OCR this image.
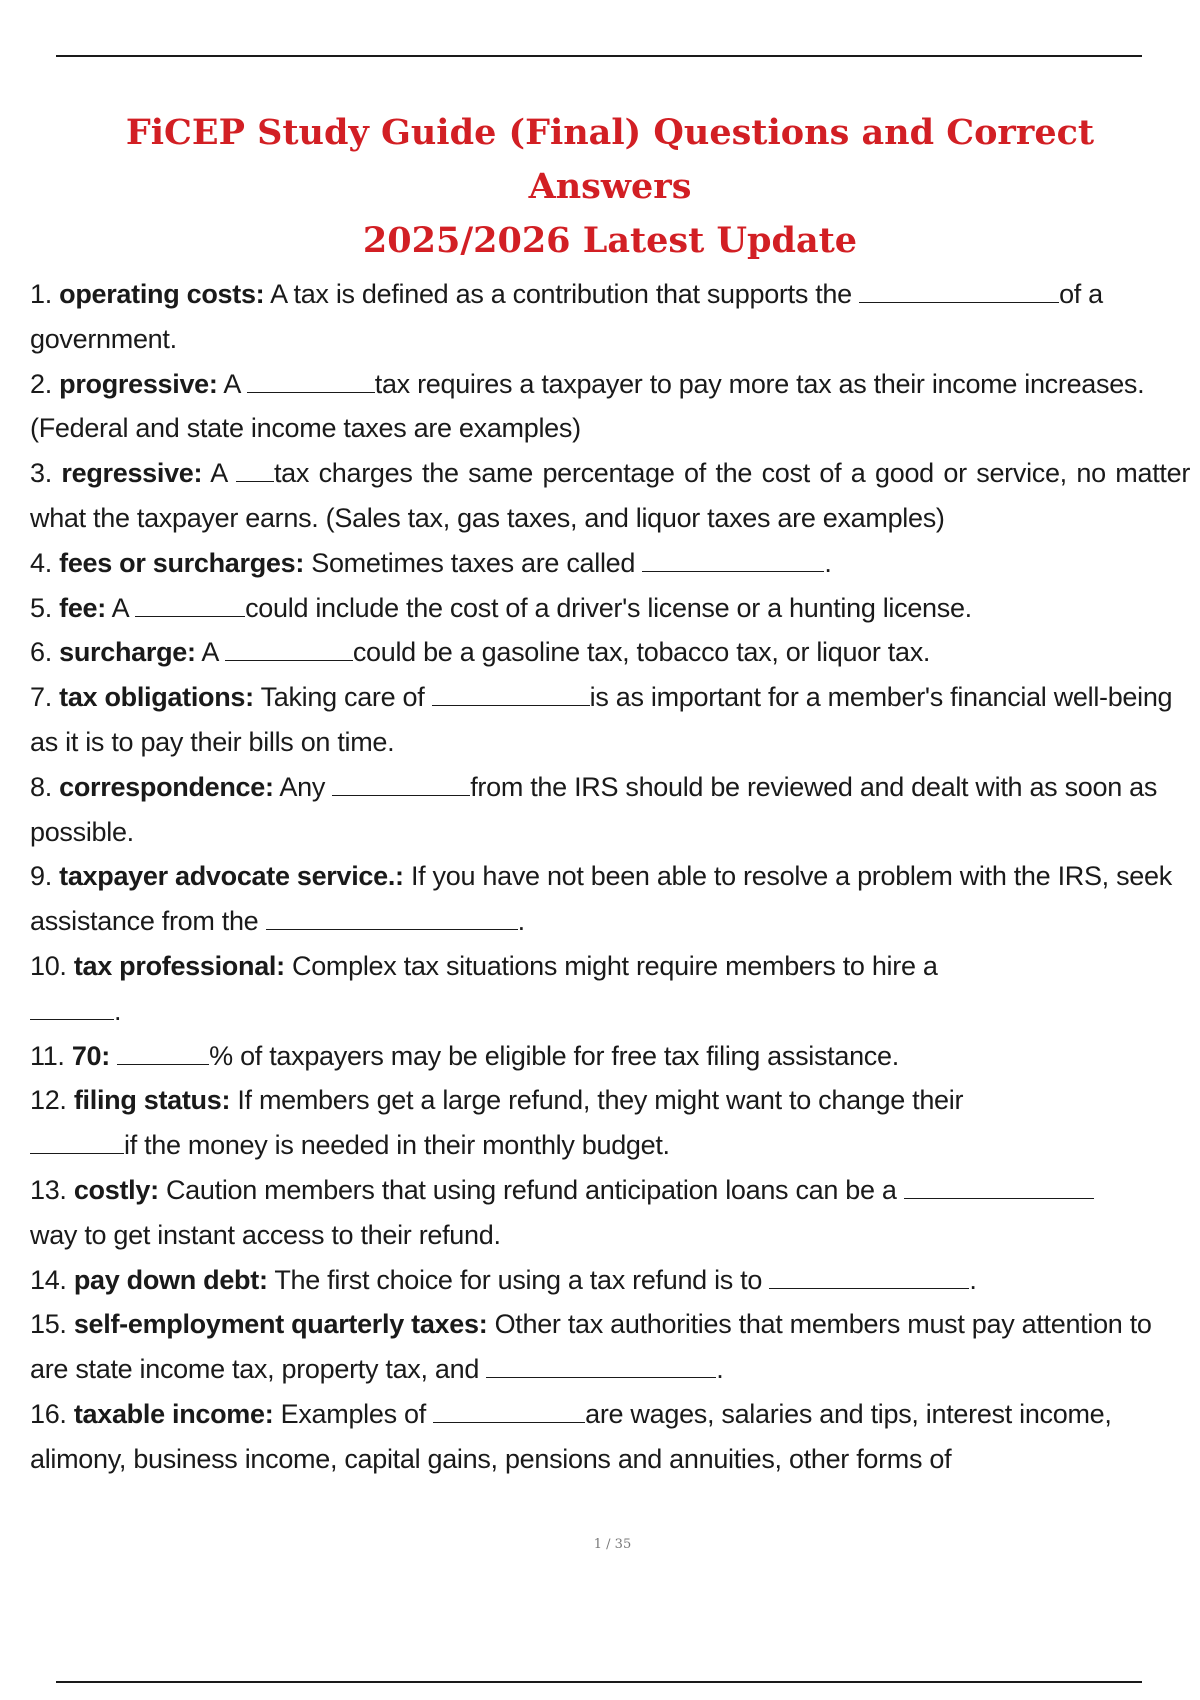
FiCEP Study Guide (Final) Questions and Correct Answers
2025/2026 Latest Update

1. operating costs: A tax is defined as a contribution that supports the	of a government.

2. progressive: A	tax requires a taxpayer to pay more tax as their income increases. (Federal and state income taxes are examples)

3. regressive: A tax charges the same percentage of the cost of a good or service, no matter what the taxpayer earns. (Sales tax, gas taxes, and liquor taxes are examples)

4. fees or surcharges: Sometimes taxes are called	.

5. fee: A	could include the cost of a driver's license or a hunting license.

6. surcharge: A	could be a gasoline tax, tobacco tax, or liquor tax.

7. tax obligations: Taking care of	is as important for a member's financial well-being as it is to pay their bills on time.

8. correspondence: Any	from the IRS should be reviewed and dealt with as soon as possible.

9. taxpayer advocate service.: If you have not been able to resolve a problem with the IRS, seek assistance from the	.

10. tax professional: Complex tax situations might require members to hire a
.

11. 70:	% of taxpayers may be eligible for free tax filing assistance.

12. filing status: If members get a large refund, they might want to change their
if the money is needed in their monthly budget.

13. costly: Caution members that using refund anticipation loans can be a
way to get instant access to their refund.

14. pay down debt: The first choice for using a tax refund is to	.

15. self-employment quarterly taxes: Other tax authorities that members must pay attention to are state income tax, property tax, and	.

16. taxable income: Examples of	are wages, salaries and tips, interest income, alimony, business income, capital gains, pensions and annuities, other forms of

1 / 35
